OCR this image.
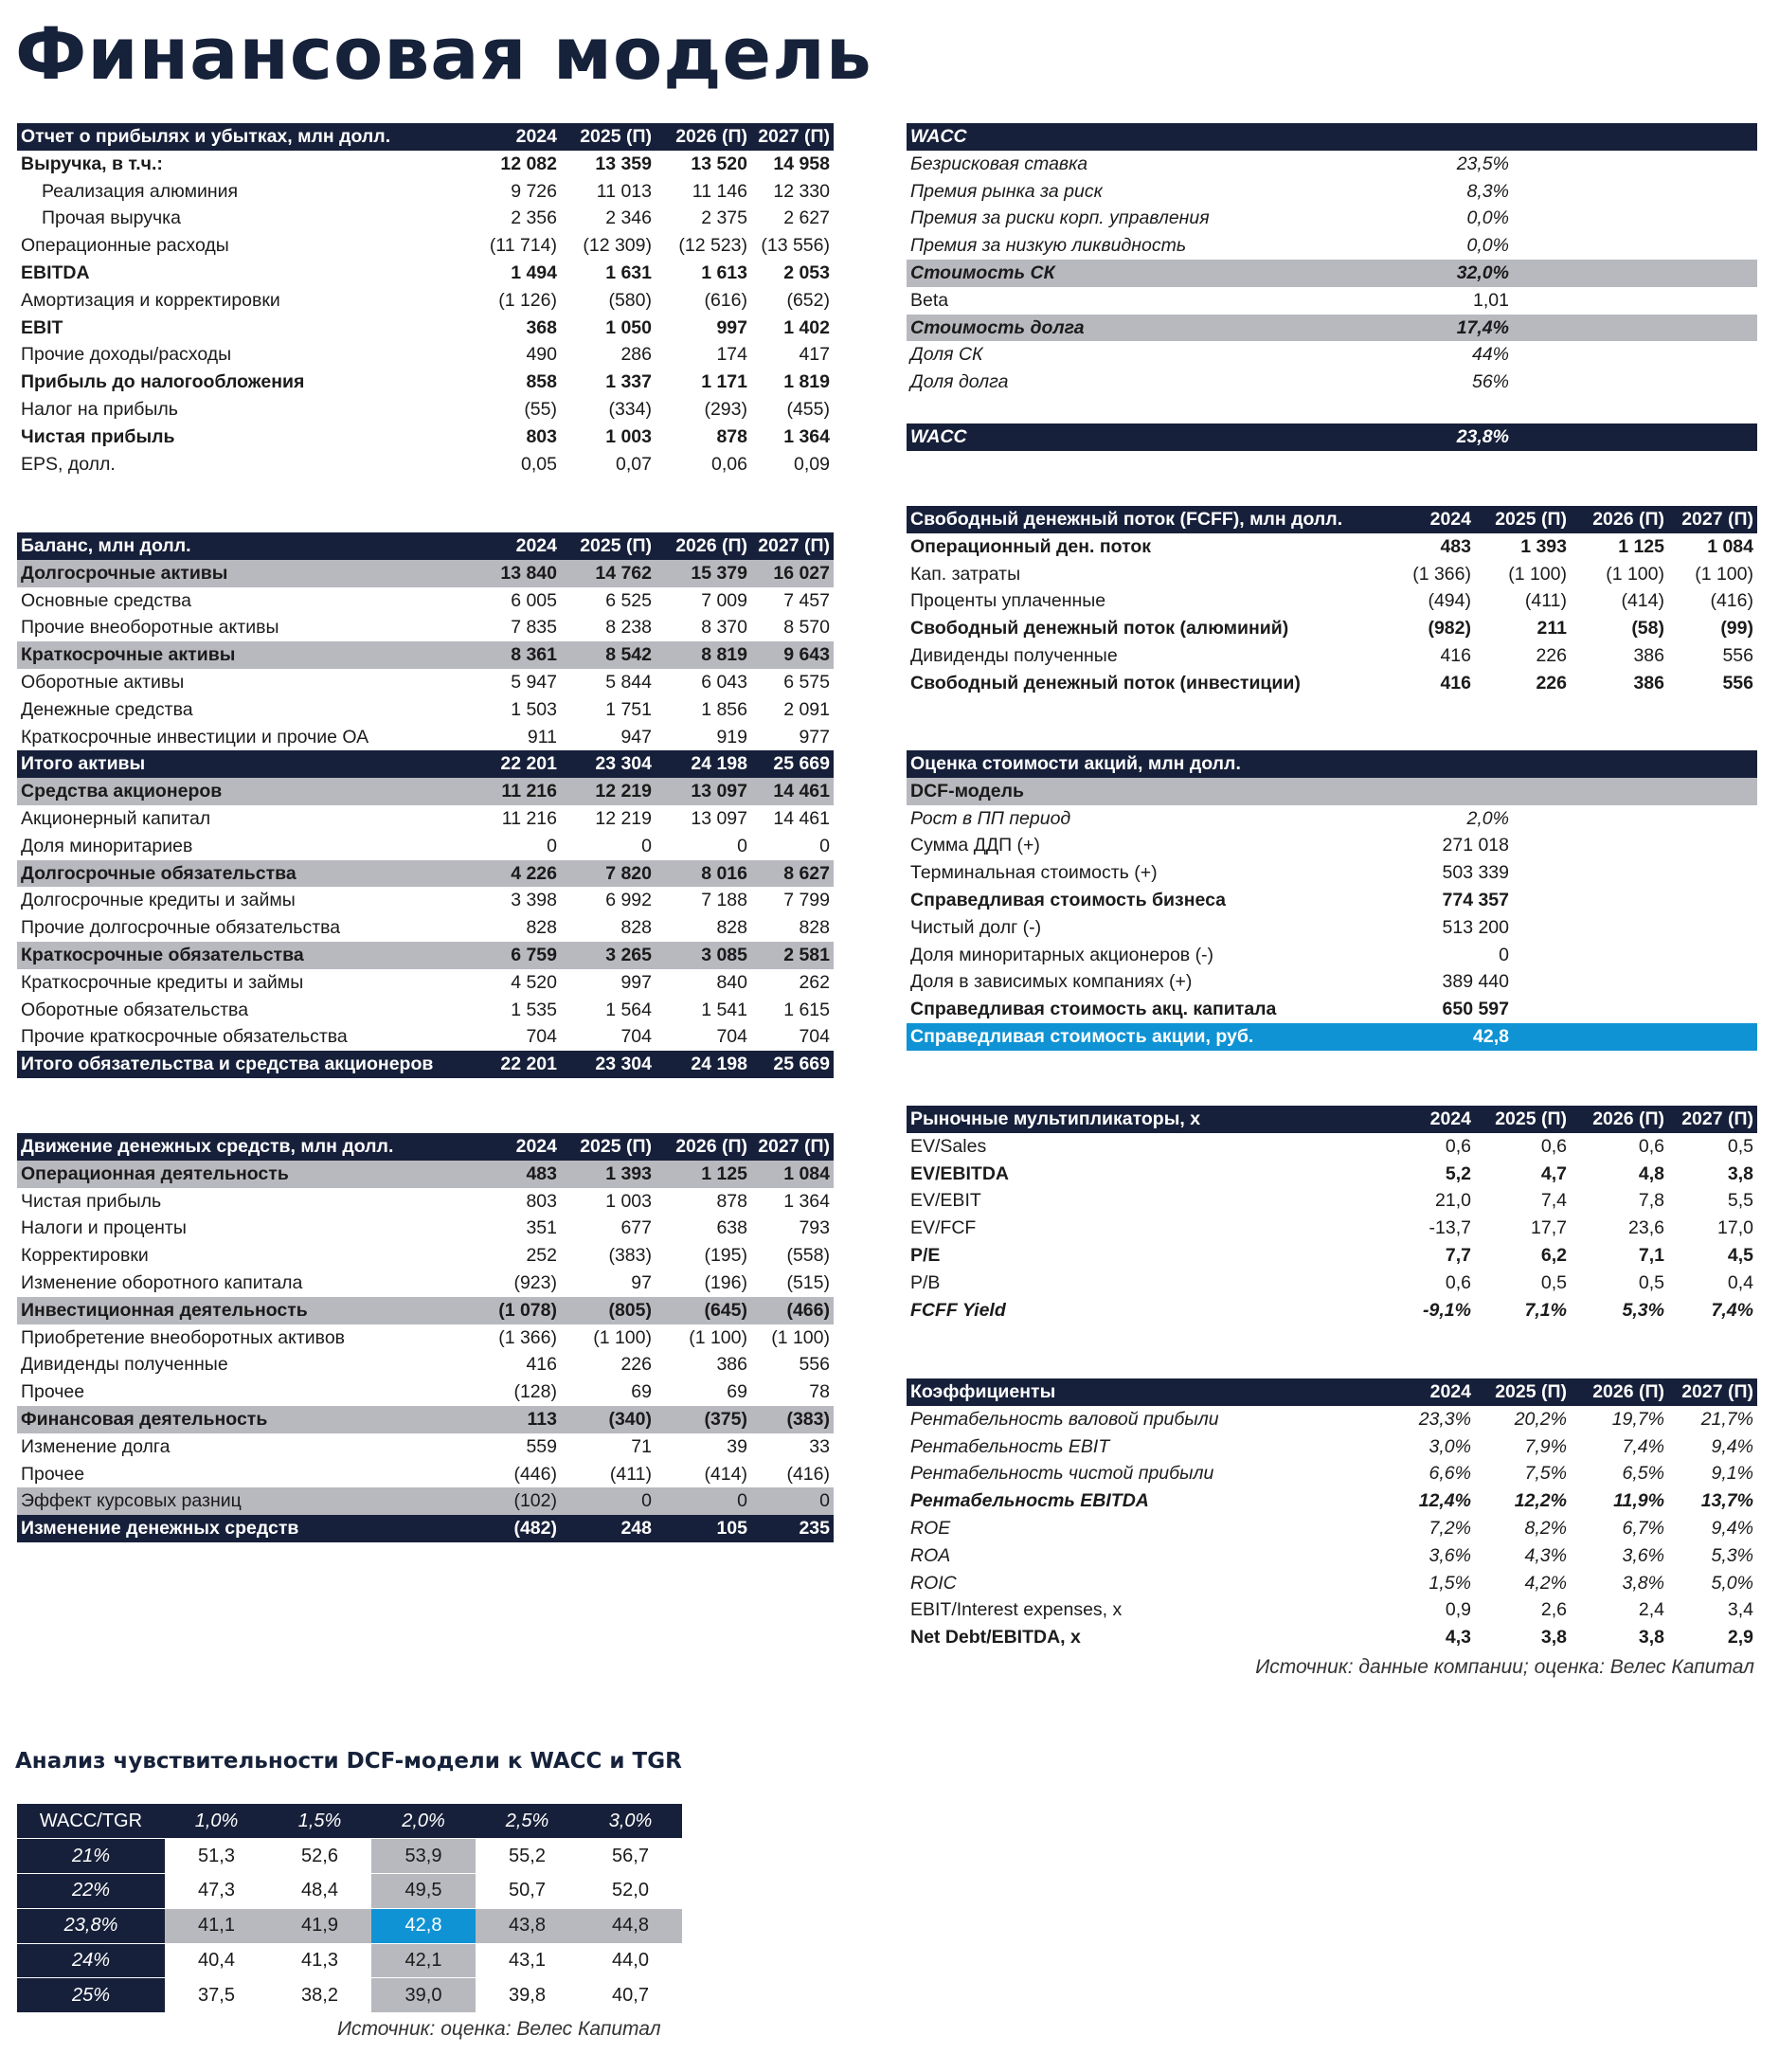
Финансовая модель
Отчет о прибылях и убытках, млн долл.	2024	2025 (П)	2026 (П)	2027 (П)
Выручка, в т.ч.:	12 082	13 359	13 520	14 958
Реализация алюминия	9 726	11 013	11 146	12 330
Прочая выручка	2 356	2 346	2 375	2 627
Операционные расходы	(11 714)	(12 309)	(12 523)	(13 556)
EBITDA	1 494	1 631	1 613	2 053
Амортизация и корректировки	(1 126)	(580)	(616)	(652)
EBIT	368	1 050	997	1 402
Прочие доходы/расходы	490	286	174	417
Прибыль до налогообложения	858	1 337	1 171	1 819
Налог на прибыль	(55)	(334)	(293)	(455)
Чистая прибыль	803	1 003	878	1 364
EPS, долл.	0,05	0,07	0,06	0,09
Баланс, млн долл.	2024	2025 (П)	2026 (П)	2027 (П)
Долгосрочные активы	13 840	14 762	15 379	16 027
Основные средства	6 005	6 525	7 009	7 457
Прочие внеоборотные активы	7 835	8 238	8 370	8 570
Краткосрочные активы	8 361	8 542	8 819	9 643
Оборотные активы	5 947	5 844	6 043	6 575
Денежные средства	1 503	1 751	1 856	2 091
Краткосрочные инвестиции и прочие ОА	911	947	919	977
Итого активы	22 201	23 304	24 198	25 669
Средства акционеров	11 216	12 219	13 097	14 461
Акционерный капитал	11 216	12 219	13 097	14 461
Доля миноритариев	0	0	0	0
Долгосрочные обязательства	4 226	7 820	8 016	8 627
Долгосрочные кредиты и займы	3 398	6 992	7 188	7 799
Прочие долгосрочные обязательства	828	828	828	828
Краткосрочные обязательства	6 759	3 265	3 085	2 581
Краткосрочные кредиты и займы	4 520	997	840	262
Оборотные обязательства	1 535	1 564	1 541	1 615
Прочие краткосрочные обязательства	704	704	704	704
Итого обязательства и средства акционеров	22 201	23 304	24 198	25 669
Движение денежных средств, млн долл.	2024	2025 (П)	2026 (П)	2027 (П)
Операционная деятельность	483	1 393	1 125	1 084
Чистая прибыль	803	1 003	878	1 364
Налоги и проценты	351	677	638	793
Корректировки	252	(383)	(195)	(558)
Изменение оборотного капитала	(923)	97	(196)	(515)
Инвестиционная деятельность	(1 078)	(805)	(645)	(466)
Приобретение внеоборотных активов	(1 366)	(1 100)	(1 100)	(1 100)
Дивиденды полученные	416	226	386	556
Прочее	(128)	69	69	78
Финансовая деятельность	113	(340)	(375)	(383)
Изменение долга	559	71	39	33
Прочее	(446)	(411)	(414)	(416)
Эффект курсовых разниц	(102)	0	0	0
Изменение денежных средств	(482)	248	105	235
WACC		
Безрисковая ставка	23,5%	
Премия рынка за риск	8,3%	
Премия за риски корп. управления	0,0%	
Премия за низкую ликвидность	0,0%	
Стоимость СК	32,0%	
Beta	1,01	
Стоимость долга	17,4%	
Доля СК	44%	
Доля долга	56%	

WACC	23,8%	
Свободный денежный поток (FCFF), млн долл.	2024	2025 (П)	2026 (П)	2027 (П)
Операционный ден. поток	483	1 393	1 125	1 084
Кап. затраты	(1 366)	(1 100)	(1 100)	(1 100)
Проценты уплаченные	(494)	(411)	(414)	(416)
Свободный денежный поток (алюминий)	(982)	211	(58)	(99)
Дивиденды полученные	416	226	386	556
Свободный денежный поток (инвестиции)	416	226	386	556
Оценка стоимости акций, млн долл.		
DCF-модель		
Рост в ПП период	2,0%	
Сумма ДДП (+)	271 018	
Терминальная стоимость (+)	503 339	
Справедливая стоимость бизнеса	774 357	
Чистый долг (-)	513 200	
Доля миноритарных акционеров (-)	0	
Доля в зависимых компаниях (+)	389 440	
Справедливая стоимость акц. капитала	650 597	
Справедливая стоимость акции, руб.	42,8	
Рыночные мультипликаторы, x	2024	2025 (П)	2026 (П)	2027 (П)
EV/Sales	0,6	0,6	0,6	0,5
EV/EBITDA	5,2	4,7	4,8	3,8
EV/EBIT	21,0	7,4	7,8	5,5
EV/FCF	-13,7	17,7	23,6	17,0
P/E	7,7	6,2	7,1	4,5
P/B	0,6	0,5	0,5	0,4
FCFF Yield	-9,1%	7,1%	5,3%	7,4%
Коэффициенты	2024	2025 (П)	2026 (П)	2027 (П)
Рентабельность валовой прибыли	23,3%	20,2%	19,7%	21,7%
Рентабельность EBIT	3,0%	7,9%	7,4%	9,4%
Рентабельность чистой прибыли	6,6%	7,5%	6,5%	9,1%
Рентабельность EBITDA	12,4%	12,2%	11,9%	13,7%
ROE	7,2%	8,2%	6,7%	9,4%
ROA	3,6%	4,3%	3,6%	5,3%
ROIC	1,5%	4,2%	3,8%	5,0%
EBIT/Interest expenses, x	0,9	2,6	2,4	3,4
Net Debt/EBITDA, x	4,3	3,8	3,8	2,9
Источник: данные компании; оценка: Велес Капитал
Анализ чувствительности DCF-модели к WACC и TGR
WACC/TGR	1,0%	1,5%	2,0%	2,5%	3,0%
21%	51,3	52,6	53,9	55,2	56,7
22%	47,3	48,4	49,5	50,7	52,0
23,8%	41,1	41,9	42,8	43,8	44,8
24%	40,4	41,3	42,1	43,1	44,0
25%	37,5	38,2	39,0	39,8	40,7
Источник: оценка: Велес Капитал
